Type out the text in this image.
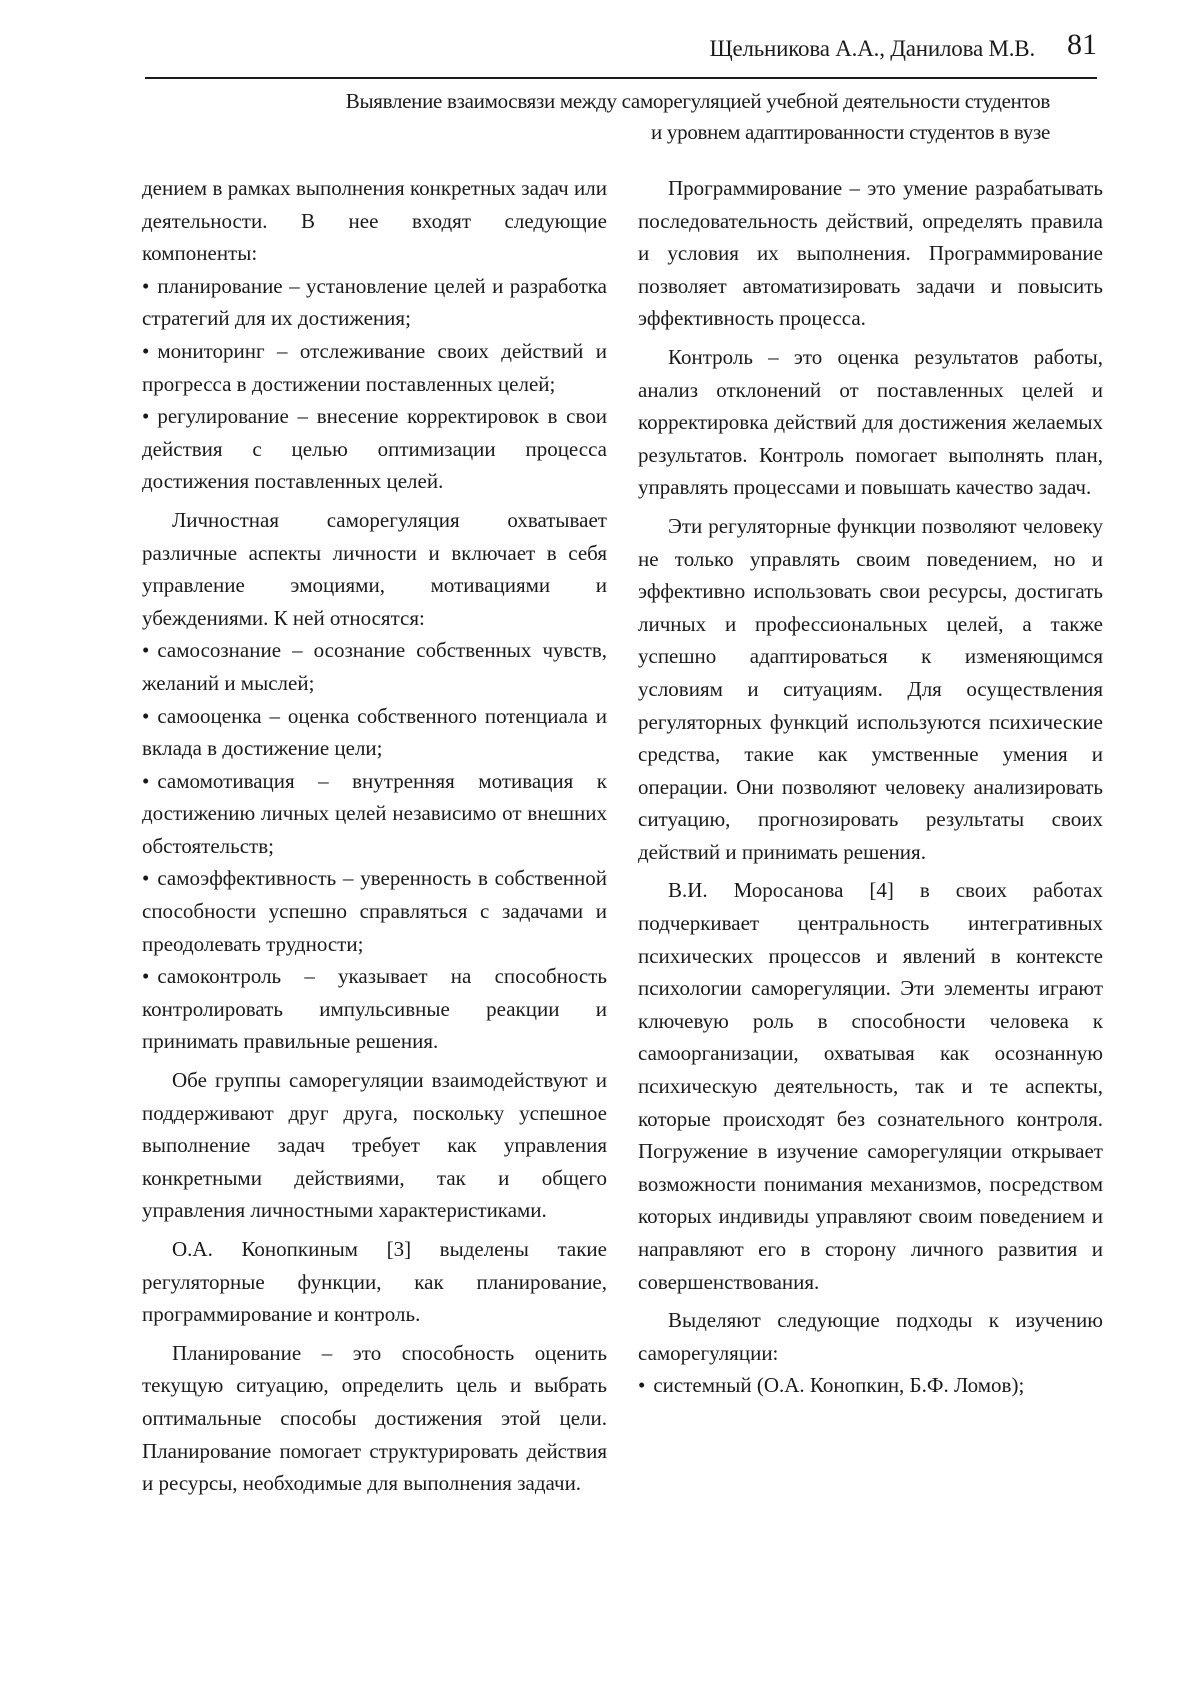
Щельникова А.А., Данилова М.В. 81
Выявление взаимосвязи между саморегуляцией учебной деятельности студентов
и уровнем адаптированности студентов в вузе

дением в рамках выполнения конкретных задач или деятельности. В нее входят следующие компоненты:

• планирование – установление целей и разработка стратегий для их достижения;

• мониторинг – отслеживание своих действий и прогресса в достижении поставленных целей;

• регулирование – внесение корректировок в свои действия с целью оптимизации процесса достижения поставленных целей.

Личностная саморегуляция охватывает различные аспекты личности и включает в себя управление эмоциями, мотивациями и убеждениями. К ней относятся:

• самосознание – осознание собственных чувств, желаний и мыслей;

• самооценка – оценка собственного потенциала и вклада в достижение цели;

• самомотивация – внутренняя мотивация к достижению личных целей независимо от внешних обстоятельств;

• самоэффективность – уверенность в собственной способности успешно справляться с задачами и преодолевать трудности;

• самоконтроль – указывает на способность контролировать импульсивные реакции и принимать правильные решения.

Обе группы саморегуляции взаимодействуют и поддерживают друг друга, поскольку успешное выполнение задач требует как управления конкретными действиями, так и общего управления личностными характеристиками.

О.А. Конопкиным [3] выделены такие регуляторные функции, как планирование, программирование и контроль.

Планирование – это способность оценить текущую ситуацию, определить цель и выбрать оптимальные способы достижения этой цели. Планирование помогает структурировать действия и ресурсы, необходимые для выполнения задачи.

Программирование – это умение разрабатывать последовательность действий, определять правила и условия их выполнения. Программирование позволяет автоматизировать задачи и повысить эффективность процесса.

Контроль – это оценка результатов работы, анализ отклонений от поставленных целей и корректировка действий для достижения желаемых результатов. Контроль помогает выполнять план, управлять процессами и повышать качество задач.

Эти регуляторные функции позволяют человеку не только управлять своим поведением, но и эффективно использовать свои ресурсы, достигать личных и профессиональных целей, а также успешно адаптироваться к изменяющимся условиям и ситуациям. Для осуществления регуляторных функций используются психические средства, такие как умственные умения и операции. Они позволяют человеку анализировать ситуацию, прогнозировать результаты своих действий и принимать решения.

В.И. Моросанова [4] в своих работах подчеркивает центральность интегративных психических процессов и явлений в контексте психологии саморегуляции. Эти элементы играют ключевую роль в способности человека к самоорганизации, охватывая как осознанную психическую деятельность, так и те аспекты, которые происходят без сознательного контроля. Погружение в изучение саморегуляции открывает возможности понимания механизмов, посредством которых индивиды управляют своим поведением и направляют его в сторону личного развития и совершенствования.

Выделяют следующие подходы к изучению саморегуляции:

• системный (О.А. Конопкин, Б.Ф. Ломов);
